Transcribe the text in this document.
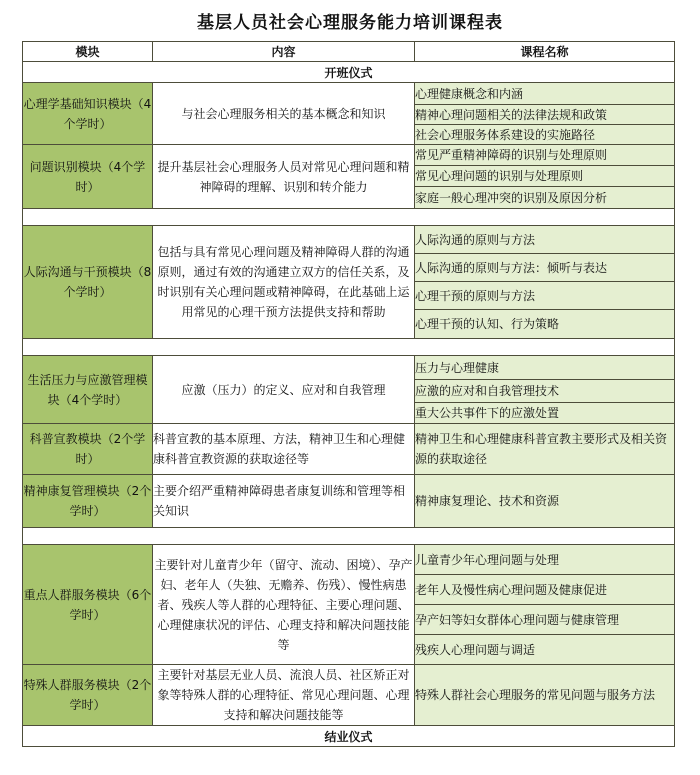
基层人员社会心理服务能力培训课程表
模块	内容	课程名称
开班仪式		
心理学基础知识模块（4个学时）	与社会心理服务相关的基本概念和知识	心理健康概念和内涵
		精神心理问题相关的法律法规和政策
		社会心理服务体系建设的实施路径
问题识别模块（4个学时）	提升基层社会心理服务人员对常见心理问题和精神障碍的理解、识别和转介能力	常见严重精神障碍的识别与处理原则
		常见心理问题的识别与处理原则
		家庭一般心理冲突的识别及原因分析

人际沟通与干预模块（8个学时）	包括与具有常见心理问题及精神障碍人群的沟通原则，通过有效的沟通建立双方的信任关系，及时识别有关心理问题或精神障碍，在此基础上运用常见的心理干预方法提供支持和帮助	人际沟通的原则与方法
		人际沟通的原则与方法：倾听与表达
		心理干预的原则与方法
		心理干预的认知、行为策略

生活压力与应激管理模块（4个学时）	应激（压力）的定义、应对和自我管理	压力与心理健康
		应激的应对和自我管理技术
		重大公共事件下的应激处置
科普宣教模块（2个学时）	科普宣教的基本原理、方法，精神卫生和心理健康科普宣教资源的获取途径等	精神卫生和心理健康科普宣教主要形式及相关资源的获取途径
精神康复管理模块（2个学时）	主要介绍严重精神障碍患者康复训练和管理等相关知识	精神康复理论、技术和资源

重点人群服务模块（6个学时）	主要针对儿童青少年（留守、流动、困境）、孕产妇、老年人（失独、无赡养、伤残）、慢性病患者、残疾人等人群的心理特征、主要心理问题、心理健康状况的评估、心理支持和解决问题技能等	儿童青少年心理问题与处理
		老年人及慢性病心理问题及健康促进
		孕产妇等妇女群体心理问题与健康管理
		残疾人心理问题与调适
特殊人群服务模块（2个学时）	主要针对基层无业人员、流浪人员、社区矫正对象等特殊人群的心理特征、常见心理问题、心理支持和解决问题技能等	特殊人群社会心理服务的常见问题与服务方法
结业仪式		
